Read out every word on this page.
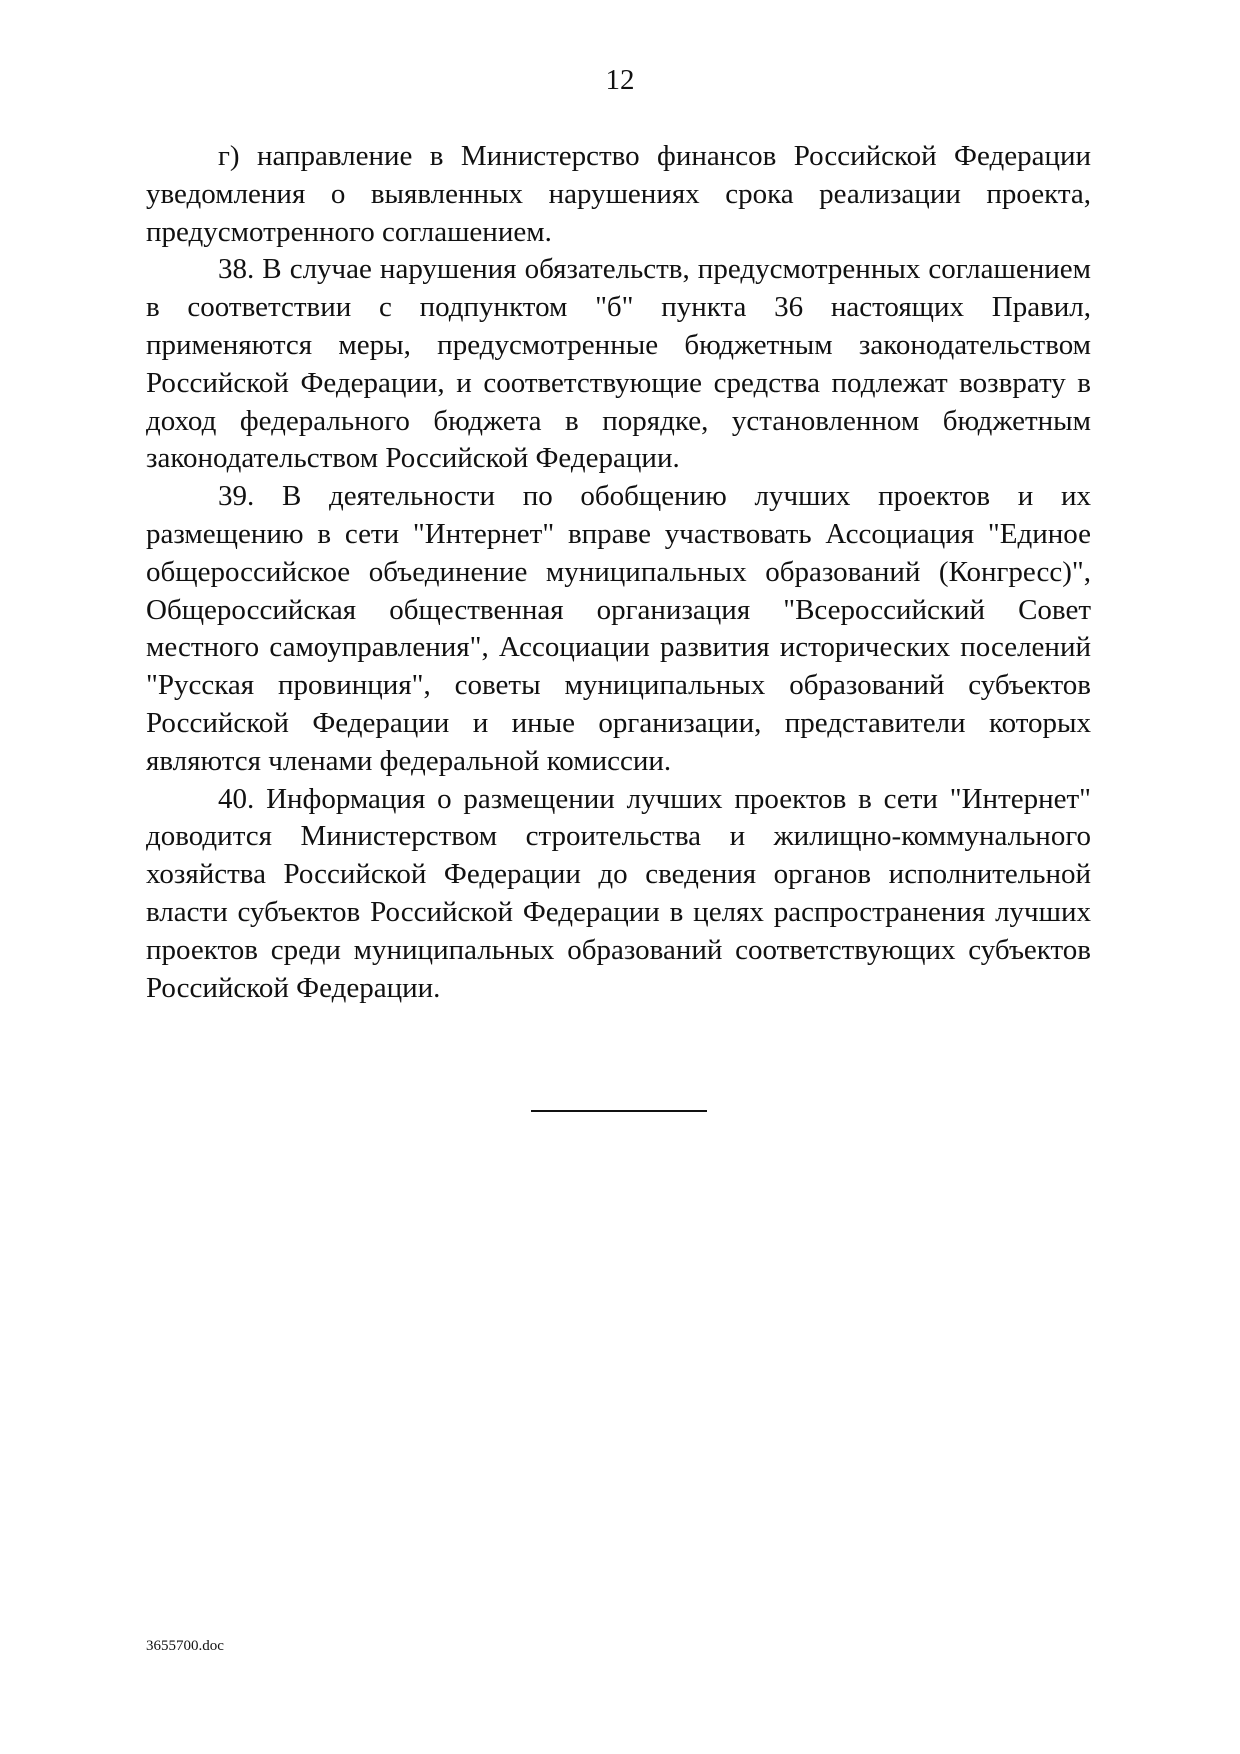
12

г) направление в Министерство финансов Российской Федерации уведомления о выявленных нарушениях срока реализации проекта, предусмотренного соглашением.

38. В случае нарушения обязательств, предусмотренных соглашением в соответствии с подпунктом "б" пункта 36 настоящих Правил, применяются меры, предусмотренные бюджетным законодательством Российской Федерации, и соответствующие средства подлежат возврату в доход федерального бюджета в порядке, установленном бюджетным законодательством Российской Федерации.

39. В деятельности по обобщению лучших проектов и их размещению в сети "Интернет" вправе участвовать Ассоциация "Единое общероссийское объединение муниципальных образований (Конгресс)", Общероссийская общественная организация "Всероссийский Совет местного самоуправления", Ассоциации развития исторических поселений "Русская провинция", советы муниципальных образований субъектов Российской Федерации и иные организации, представители которых являются членами федеральной комиссии.

40. Информация о размещении лучших проектов в сети "Интернет" доводится Министерством строительства и жилищно-коммунального хозяйства Российской Федерации до сведения органов исполнительной власти субъектов Российской Федерации в целях распространения лучших проектов среди муниципальных образований соответствующих субъектов Российской Федерации.

3655700.doc
